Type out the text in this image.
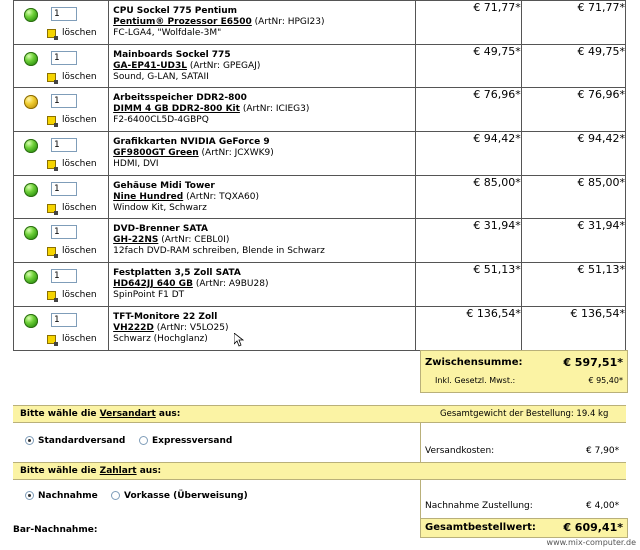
1
löschen	CPU Sockel 775 Pentium
Pentium® Prozessor E6500 (ArtNr: HPGI23)
FC-LGA4, "Wolfdale-3M"	€ 71,77*	€ 71,77*

1
löschen	Mainboards Sockel 775
GA-EP41-UD3L (ArtNr: GPEGAJ)
Sound, G-LAN, SATAII	€ 49,75*	€ 49,75*

1
löschen	Arbeitsspeicher DDR2-800
DIMM 4 GB DDR2-800 Kit (ArtNr: ICIEG3)
F2-6400CL5D-4GBPQ	€ 76,96*	€ 76,96*

1
löschen	Grafikkarten NVIDIA GeForce 9
GF9800GT Green (ArtNr: JCXWK9)
HDMI, DVI	€ 94,42*	€ 94,42*

1
löschen	Gehäuse Midi Tower
Nine Hundred (ArtNr: TQXA60)
Window Kit, Schwarz	€ 85,00*	€ 85,00*

1
löschen	DVD-Brenner SATA
GH-22NS (ArtNr: CEBL0I)
12fach DVD-RAM schreiben, Blende in Schwarz	€ 31,94*	€ 31,94*

1
löschen	Festplatten 3,5 Zoll SATA
HD642JJ 640 GB (ArtNr: A9BU28)
SpinPoint F1 DT	€ 51,13*	€ 51,13*

1
löschen	TFT-Monitore 22 Zoll
VH222D (ArtNr: V5LO25)
Schwarz (Hochglanz)	€ 136,54*	€ 136,54*
Zwischensumme:	€ 597,51*
Inkl. Gesetzl. Mwst.:	€ 95,40*
Bitte wähle die Versandart aus:	Gesamtgewicht der Bestellung: 19.4 kg
Standardversand	Expressversand
Versandkosten:	€ 7,90*
Bitte wähle die Zahlart aus:
Nachnahme	Vorkasse (Überweisung)
Nachnahme Zustellung:	€ 4,00*
Gesamtbestellwert: € 609,41*
Bar-Nachnahme:
www.mix-computer.de
